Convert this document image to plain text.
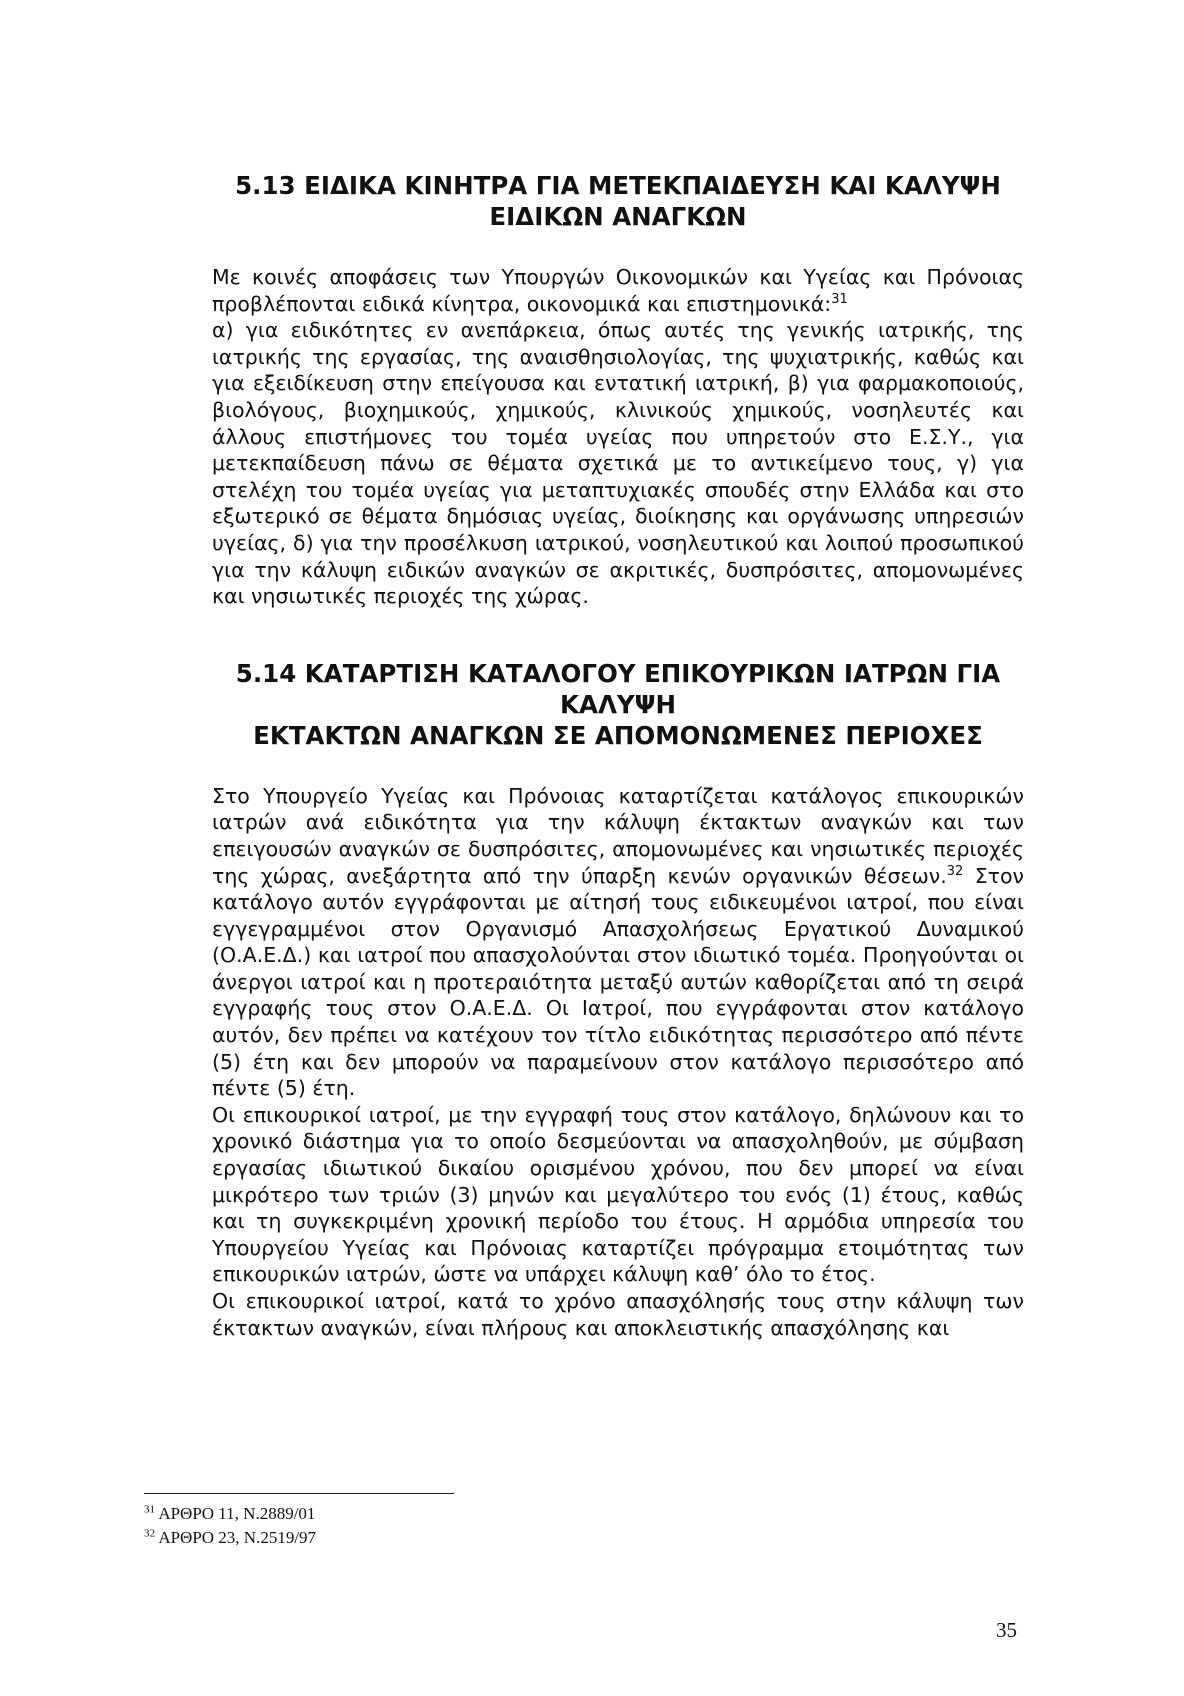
5.13 ΕΙΔΙΚΑ ΚΙΝΗΤΡΑ ΓΙΑ ΜΕΤΕΚΠΑΙΔΕΥΣΗ ΚΑΙ ΚΑΛΥΨΗ
ΕΙΔΙΚΩΝ ΑΝΑΓΚΩΝ

Με κοινές αποφάσεις των Υπουργών Οικονομικών και Υγείας και Πρόνοιας προβλέπονται ειδικά κίνητρα, οικονομικά και επιστημονικά:$^{31}$

α) για ειδικότητες εν ανεπάρκεια, όπως αυτές της γενικής ιατρικής, της ιατρικής της εργασίας, της αναισθησιολογίας, της ψυχιατρικής, καθώς και για εξειδίκευση στην επείγουσα και εντατική ιατρική, β) για φαρμακοποιούς, βιολόγους, βιοχημικούς, χημικούς, κλινικούς χημικούς, νοσηλευτές και άλλους επιστήμονες του τομέα υγείας που υπηρετούν στο Ε.Σ.Υ., για μετεκπαίδευση πάνω σε θέματα σχετικά με το αντικείμενο τους, γ) για στελέχη του τομέα υγείας για μεταπτυχιακές σπουδές στην Ελλάδα και στο εξωτερικό σε θέματα δημόσιας υγείας, διοίκησης και οργάνωσης υπηρεσιών υγείας, δ) για την προσέλκυση ιατρικού, νοσηλευτικού και λοιπού προσωπικού για την κάλυψη ειδικών αναγκών σε ακριτικές, δυσπρόσιτες, απομονωμένες και νησιωτικές περιοχές της χώρας.

5.14 ΚΑΤΑΡΤΙΣΗ ΚΑΤΑΛΟΓΟΥ ΕΠΙΚΟΥΡΙΚΩΝ ΙΑΤΡΩΝ ΓΙΑ ΚΑΛΥΨΗ
ΕΚΤΑΚΤΩΝ ΑΝΑΓΚΩΝ ΣΕ ΑΠΟΜΟΝΩΜΕΝΕΣ ΠΕΡΙΟΧΕΣ

Στο Υπουργείο Υγείας και Πρόνοιας καταρτίζεται κατάλογος επικουρικών ιατρών ανά ειδικότητα για την κάλυψη έκτακτων αναγκών και των επειγουσών αναγκών σε δυσπρόσιτες, απομονωμένες και νησιωτικές περιοχές της χώρας, ανεξάρτητα από την ύπαρξη κενών οργανικών θέσεων.$^{32}$ Στον κατάλογο αυτόν εγγράφονται με αίτησή τους ειδικευμένοι ιατροί, που είναι εγγεγραμμένοι στον Οργανισμό Απασχολήσεως Εργατικού Δυναμικού (Ο.Α.Ε.Δ.) και ιατροί που απασχολούνται στον ιδιωτικό τομέα. Προηγούνται οι άνεργοι ιατροί και η προτεραιότητα μεταξύ αυτών καθορίζεται από τη σειρά εγγραφής τους στον Ο.Α.Ε.Δ. Οι Ιατροί, που εγγράφονται στον κατάλογο αυτόν, δεν πρέπει να κατέχουν τον τίτλο ειδικότητας περισσότερο από πέντε (5) έτη και δεν μπορούν να παραμείνουν στον κατάλογο περισσότερο από πέντε (5) έτη.

Οι επικουρικοί ιατροί, με την εγγραφή τους στον κατάλογο, δηλώνουν και το χρονικό διάστημα για το οποίο δεσμεύονται να απασχοληθούν, με σύμβαση εργασίας ιδιωτικού δικαίου ορισμένου χρόνου, που δεν μπορεί να είναι μικρότερο των τριών (3) μηνών και μεγαλύτερο του ενός (1) έτους, καθώς και τη συγκεκριμένη χρονική περίοδο του έτους. Η αρμόδια υπηρεσία του Υπουργείου Υγείας και Πρόνοιας καταρτίζει πρόγραμμα ετοιμότητας των επικουρικών ιατρών, ώστε να υπάρχει κάλυψη καθ’ όλο το έτος.

Οι επικουρικοί ιατροί, κατά το χρόνο απασχόλησής τους στην κάλυψη των έκτακτων αναγκών, είναι πλήρους και αποκλειστικής απασχόλησης και

$^{31}$ ΑΡΘΡΟ 11, Ν.2889/01
$^{32}$ ΑΡΘΡΟ 23, Ν.2519/97
35
